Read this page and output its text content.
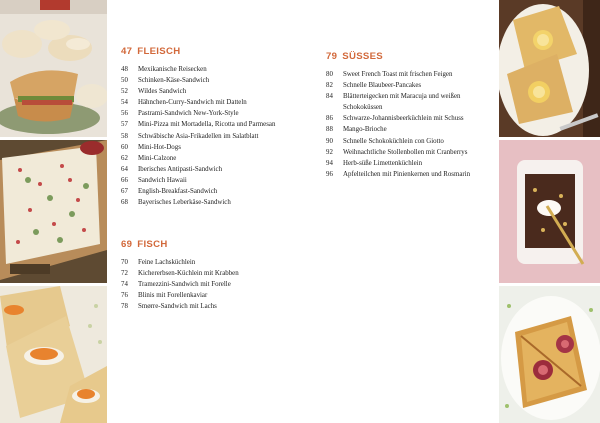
47 FLEISCH
48	Mexikanische Reisecken
50	Schinken-Käse-Sandwich
52	Wildes Sandwich
54	Hähnchen-Curry-Sandwich mit Datteln
56	Pastrami-Sandwich New-York-Style
57	Mini-Pizza mit Mortadella, Ricotta und Parmesan
58	Schwäbische Asia-Frikadellen im Salatblatt
60	Mini-Hot-Dogs
62	Mini-Calzone
64	Iberisches Antipasti-Sandwich
66	Sandwich Hawaii
67	English-Breakfast-Sandwich
68	Bayerisches Leberkäse-Sandwich
69 FISCH
70	Feine Lachsküchlein
72	Kichererbsen-Küchlein mit Krabben
74	Tramezzini-Sandwich mit Forelle
76	Blinis mit Forellenkaviar
78	Smørre-Sandwich mit Lachs
79 SÜSSES
80	Sweet French Toast mit frischen Feigen
82	Schnelle Blaubeer-Pancakes
84	Blätterteigecken mit Maracuja und weißen Schokoküssen
86	Schwarze-Johannisbeerküchlein mit Schuss
88	Mango-Brioche
90	Schnelle Schokoküchlein con Giotto
92	Weihnachtliche Stollenbollen mit Cranberrys
94	Herb-süße Limettenküchlein
96	Apfelteilchen mit Pinienkernen und Rosmarin
